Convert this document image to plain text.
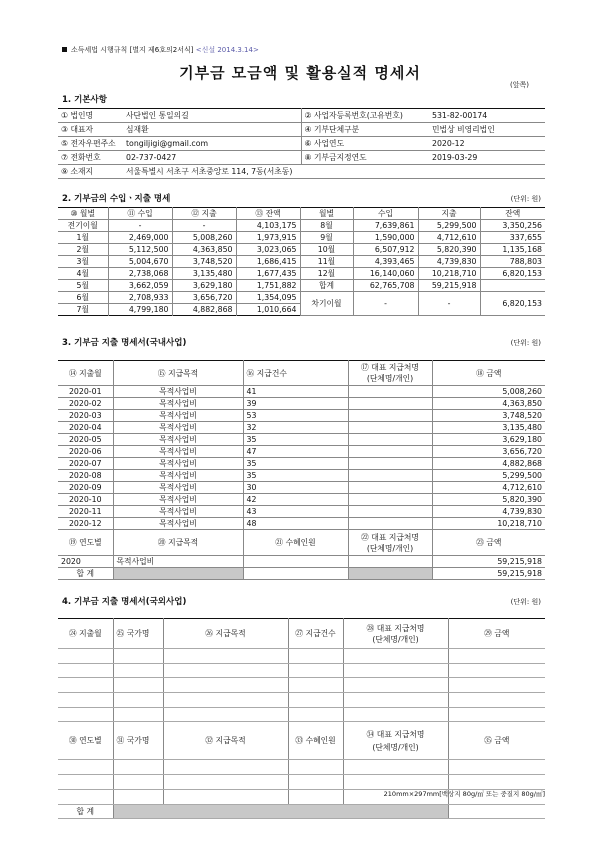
소득세법 시행규칙 [별지 제6호의2서식] <신설 2014.3.14>
기부금 모금액 및 활용실적 명세서
(앞쪽)
1. 기본사항
① 법인명	사단법인 통일의길	② 사업자등록번호(고유번호)	531-82-00174
③ 대표자	심재환	④ 기부단체구분	민법상 비영리법인
⑤ 전자우편주소	tongiljigi@gmail.com	⑥ 사업연도	2020-12
⑦ 전화번호	02-737-0427	⑧ 기부금지정연도	2019-03-29
⑨ 소재지	서울특별시 서초구 서초중앙로 114, 7동(서초동)		
2. 기부금의 수입ㆍ지출 명세	(단위: 원)
⑩ 월별	⑪ 수입	⑫ 지출	⑬ 잔액	월별	수입	지출	잔액
전기이월	-	-	4,103,175	8월	7,639,861	5,299,500	3,350,256
1월	2,469,000	5,008,260	1,973,915	9월	1,590,000	4,712,610	337,655
2월	5,112,500	4,363,850	3,023,065	10월	6,507,912	5,820,390	1,135,168
3월	5,004,670	3,748,520	1,686,415	11월	4,393,465	4,739,830	788,803
4월	2,738,068	3,135,480	1,677,435	12월	16,140,060	10,218,710	6,820,153
5월	3,662,059	3,629,180	1,751,882	합계	62,765,708	59,215,918	
6월	2,708,933	3,656,720	1,354,095	차기이월	-	-	6,820,153
7월	4,799,180	4,882,868	1,010,664				
3. 기부금 지출 명세서(국내사업)	(단위: 원)
⑭ 지출월	⑮ 지급목적	⑯ 지급건수	⑰ 대표 지급처명
(단체명/개인)	⑱ 금액
2020-01	목적사업비	41		5,008,260
2020-02	목적사업비	39		4,363,850
2020-03	목적사업비	53		3,748,520
2020-04	목적사업비	32		3,135,480
2020-05	목적사업비	35		3,629,180
2020-06	목적사업비	47		3,656,720
2020-07	목적사업비	35		4,882,868
2020-08	목적사업비	35		5,299,500
2020-09	목적사업비	30		4,712,610
2020-10	목적사업비	42		5,820,390
2020-11	목적사업비	43		4,739,830
2020-12	목적사업비	48		10,218,710
⑲ 연도별	⑳ 지급목적	㉑ 수혜인원	㉒ 대표 지급처명
(단체명/개인)	㉓ 금액
2020	목적사업비			59,215,918
합 계				59,215,918
4. 기부금 지출 명세서(국외사업)	(단위: 원)
㉔ 지출월	㉕ 국가명	㉖ 지급목적	㉗ 지급건수	㉘ 대표 지급처명
(단체명/개인)	㉙ 금액

㉚ 연도별	㉛ 국가명	㉜ 지급목적	㉝ 수혜인원	㉞ 대표 지급처명
(단체명/개인)	㉟ 금액

합 계					
210mm×297mm[백상지 80g/㎡ 또는 중질지 80g/㎡]
